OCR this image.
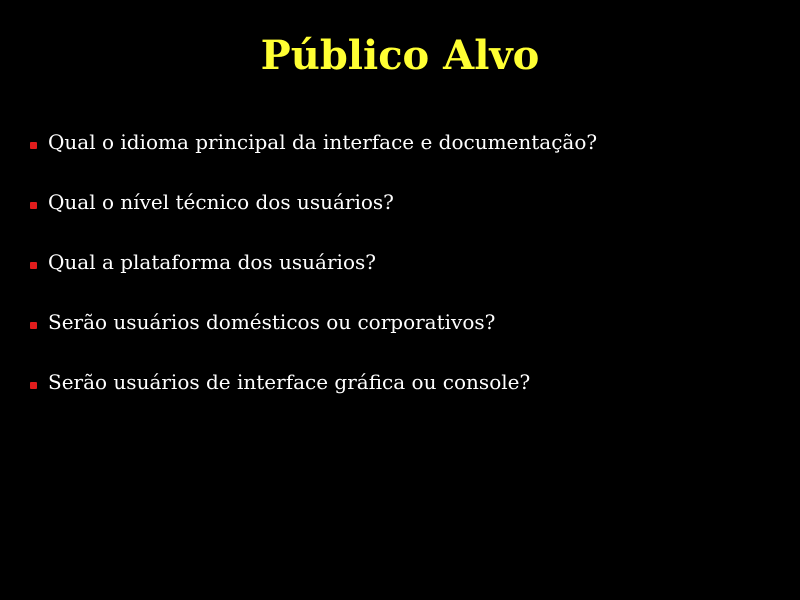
Público Alvo
Qual o idioma principal da interface e documentação?
Qual o nível técnico dos usuários?
Qual a plataforma dos usuários?
Serão usuários domésticos ou corporativos?
Serão usuários de interface gráfica ou console?
